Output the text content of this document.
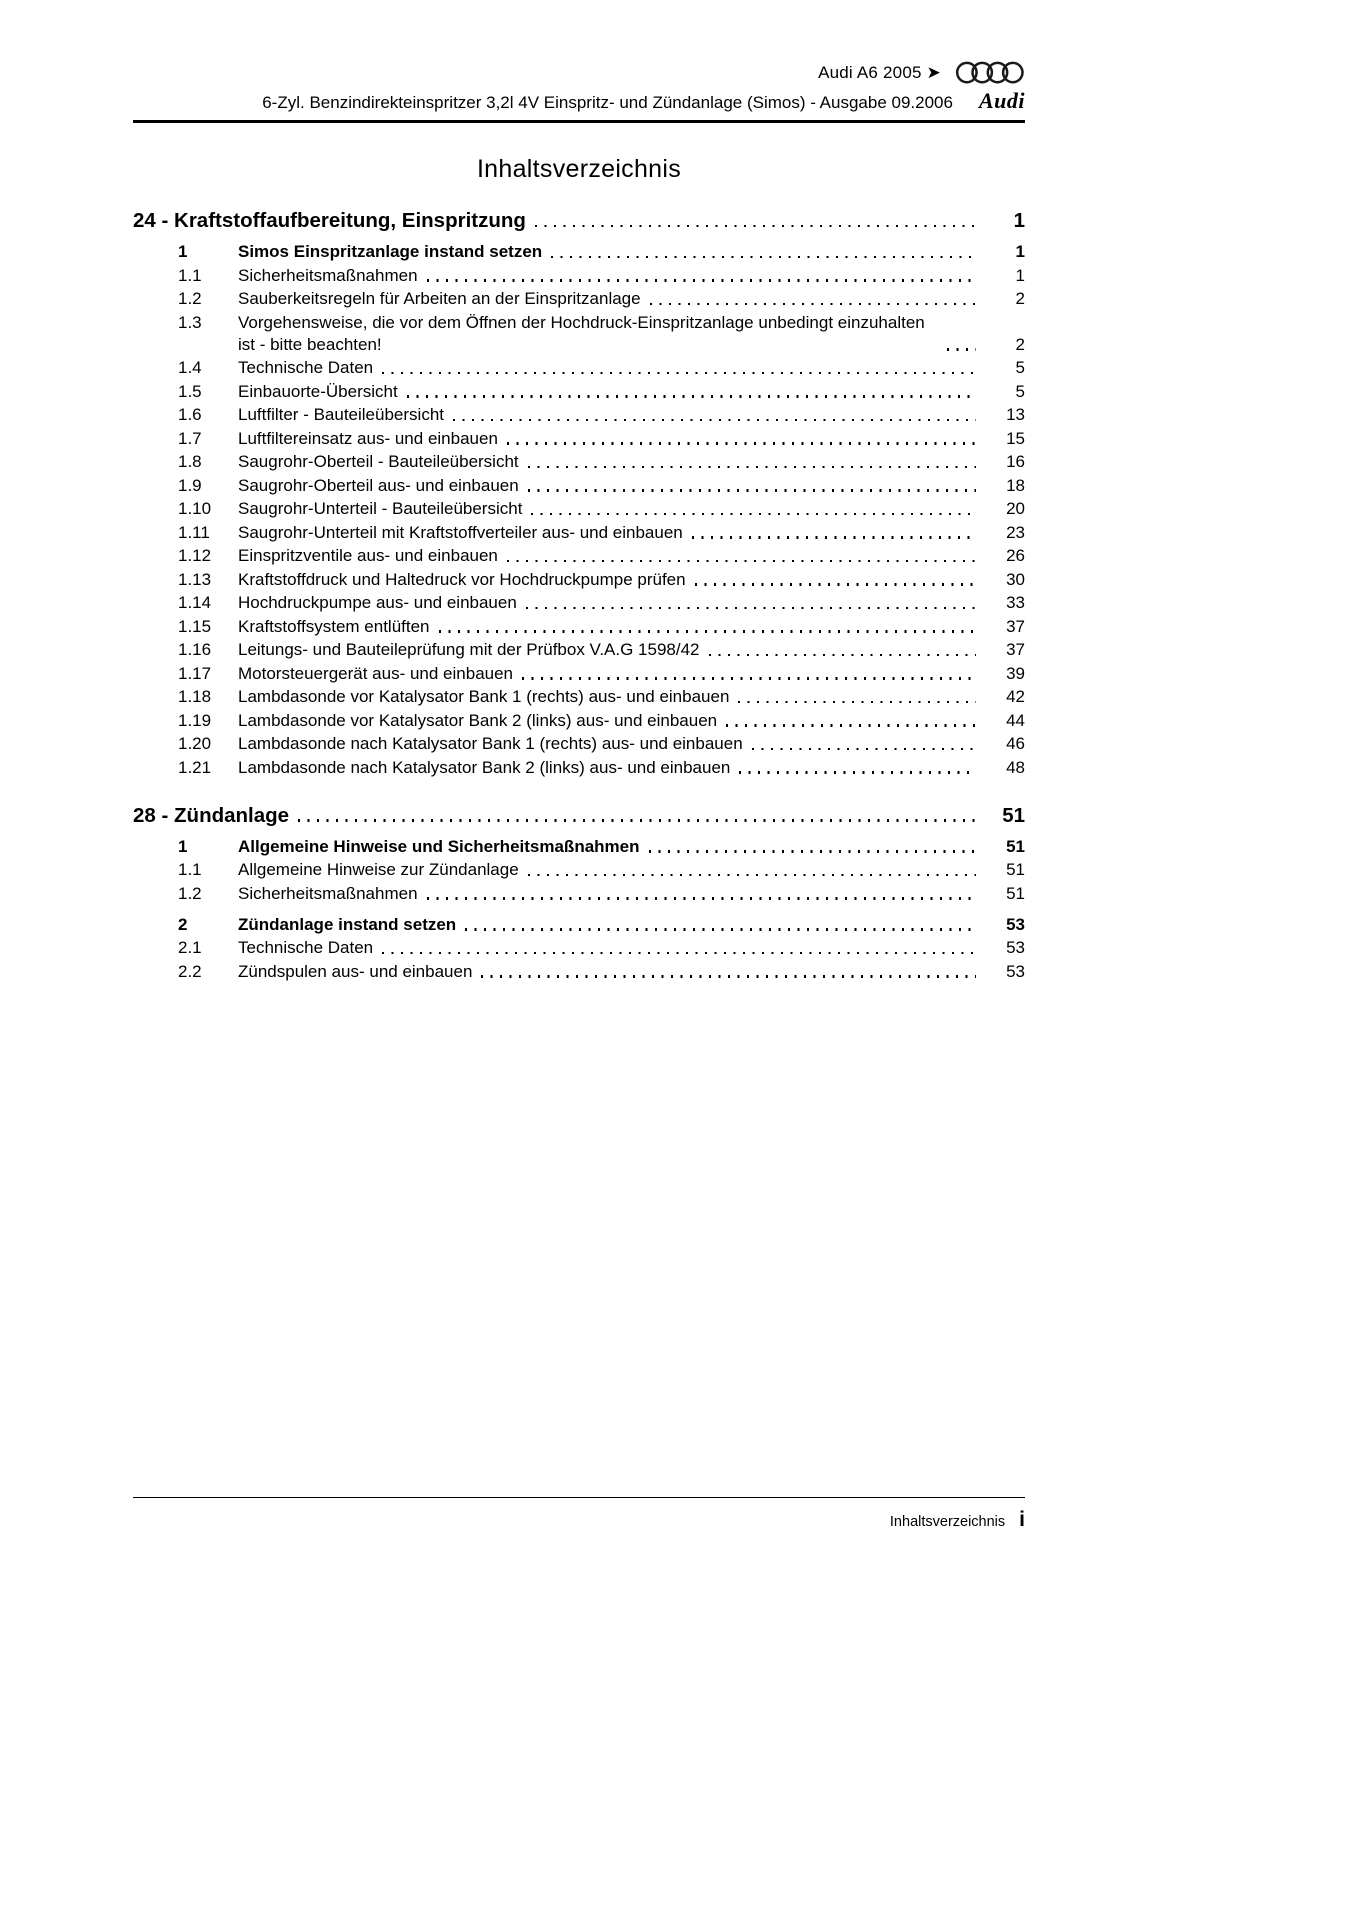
Audi A6 2005 ➤
6-Zyl. Benzindirekteinspritzer 3,2l 4V Einspritz- und Zündanlage (Simos) - Ausgabe 09.2006 Audi
Inhaltsverzeichnis
24 - Kraftstoffaufbereitung, Einspritzung	1
1	Simos Einspritzanlage instand setzen	1
1.1	Sicherheitsmaßnahmen	1
1.2	Sauberkeitsregeln für Arbeiten an der Einspritzanlage	2
1.3	Vorgehensweise, die vor dem Öffnen der Hochdruck-Einspritzanlage unbedingt einzuhalten ist - bitte beachten!	2
1.4	Technische Daten	5
1.5	Einbauorte-Übersicht	5
1.6	Luftfilter - Bauteileübersicht	13
1.7	Luftfiltereinsatz aus- und einbauen	15
1.8	Saugrohr-Oberteil - Bauteileübersicht	16
1.9	Saugrohr-Oberteil aus- und einbauen	18
1.10	Saugrohr-Unterteil - Bauteileübersicht	20
1.11	Saugrohr-Unterteil mit Kraftstoffverteiler aus- und einbauen	23
1.12	Einspritzventile aus- und einbauen	26
1.13	Kraftstoffdruck und Haltedruck vor Hochdruckpumpe prüfen	30
1.14	Hochdruckpumpe aus- und einbauen	33
1.15	Kraftstoffsystem entlüften	37
1.16	Leitungs- und Bauteileprüfung mit der Prüfbox V.A.G 1598/42	37
1.17	Motorsteuergerät aus- und einbauen	39
1.18	Lambdasonde vor Katalysator Bank 1 (rechts) aus- und einbauen	42
1.19	Lambdasonde vor Katalysator Bank 2 (links) aus- und einbauen	44
1.20	Lambdasonde nach Katalysator Bank 1 (rechts) aus- und einbauen	46
1.21	Lambdasonde nach Katalysator Bank 2 (links) aus- und einbauen	48
28 - Zündanlage	51
1	Allgemeine Hinweise und Sicherheitsmaßnahmen	51
1.1	Allgemeine Hinweise zur Zündanlage	51
1.2	Sicherheitsmaßnahmen	51
2	Zündanlage instand setzen	53
2.1	Technische Daten	53
2.2	Zündspulen aus- und einbauen	53
Inhaltsverzeichnis i
